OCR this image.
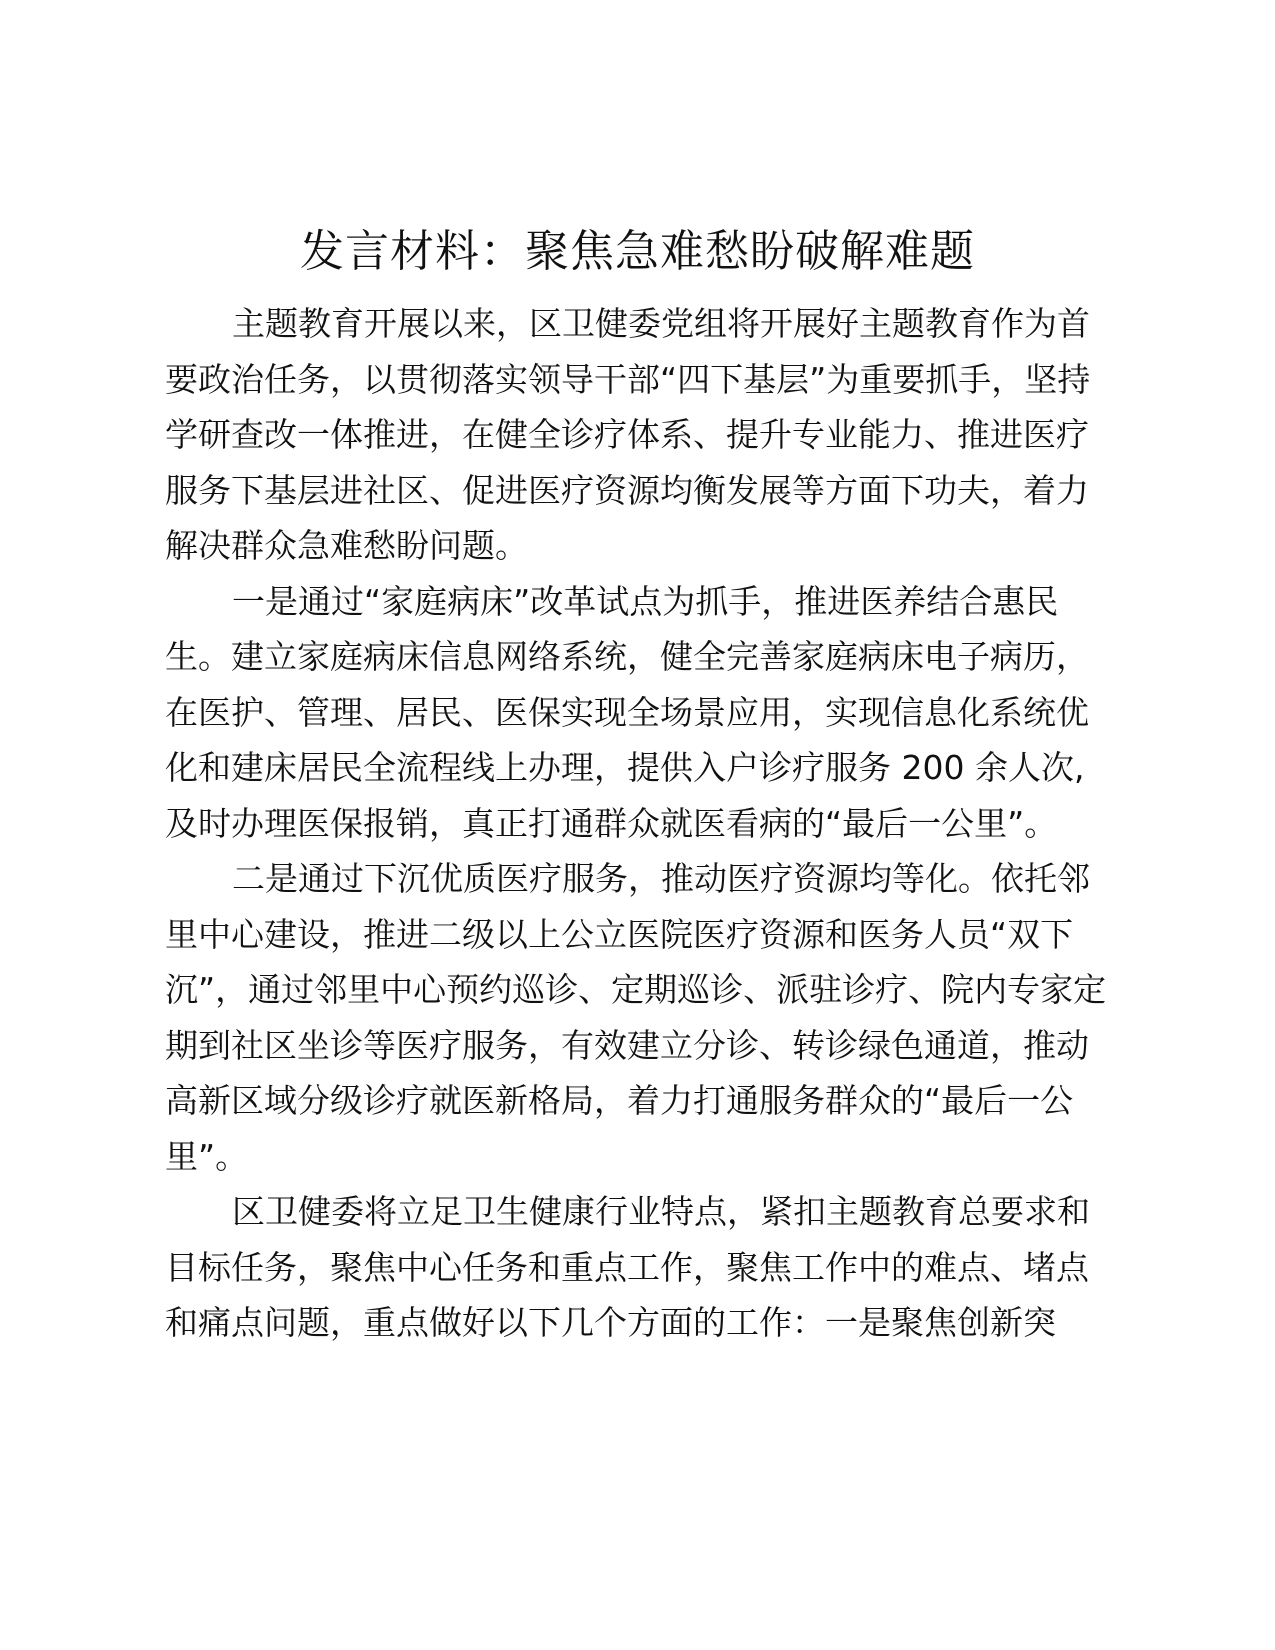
发言材料：聚焦急难愁盼破解难题

主题教育开展以来，区卫健委党组将开展好主题教育作为首

要政治任务，以贯彻落实领导干部“四下基层”为重要抓手，坚持

学研查改一体推进，在健全诊疗体系、提升专业能力、推进医疗

服务下基层进社区、促进医疗资源均衡发展等方面下功夫，着力

解决群众急难愁盼问题。

一是通过“家庭病床”改革试点为抓手，推进医养结合惠民

生。建立家庭病床信息网络系统，健全完善家庭病床电子病历，

在医护、管理、居民、医保实现全场景应用，实现信息化系统优

化和建床居民全流程线上办理，提供入户诊疗服务 200 余人次,

及时办理医保报销，真正打通群众就医看病的“最后一公里”。

二是通过下沉优质医疗服务，推动医疗资源均等化。依托邻

里中心建设，推进二级以上公立医院医疗资源和医务人员“双下

沉”，通过邻里中心预约巡诊、定期巡诊、派驻诊疗、院内专家定

期到社区坐诊等医疗服务，有效建立分诊、转诊绿色通道，推动

高新区域分级诊疗就医新格局，着力打通服务群众的“最后一公

里”。

区卫健委将立足卫生健康行业特点，紧扣主题教育总要求和

目标任务，聚焦中心任务和重点工作，聚焦工作中的难点、堵点

和痛点问题，重点做好以下几个方面的工作：一是聚焦创新突
